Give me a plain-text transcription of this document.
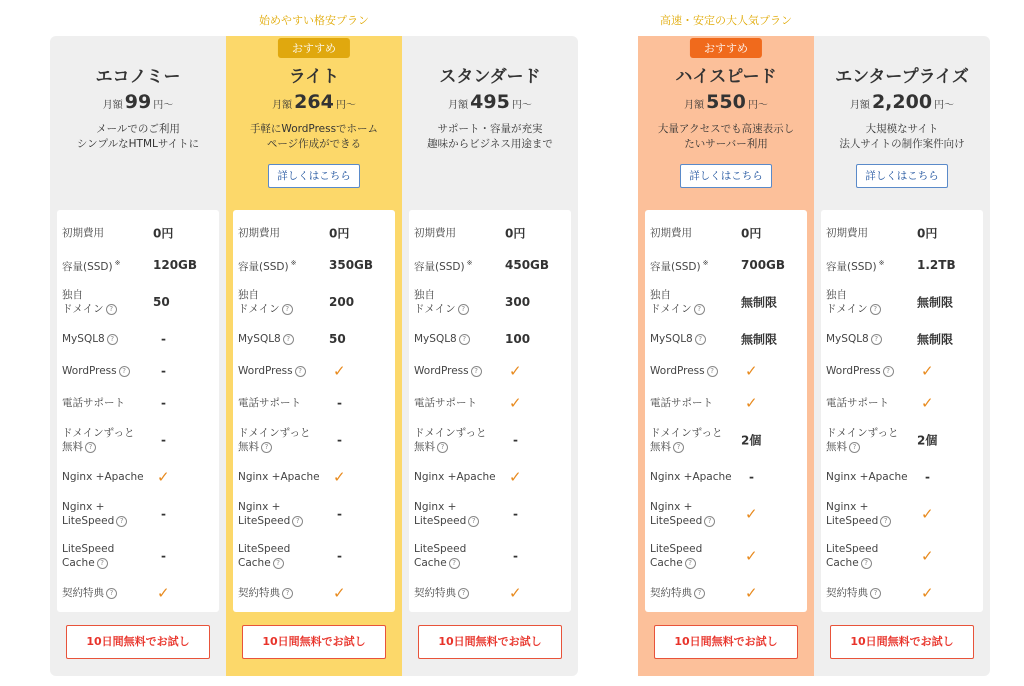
始めやすい格安プラン	高速・安定の大人気プラン
エコノミー
月額 99 円〜
メールでのご利用
シンプルなHTMLサイトに
初期費用	0円
容量(SSD) ※	120GB
独自
ドメイン ?	50
MySQL8 ?	-
WordPress ?	-
電話サポート	-
ドメインずっと
無料 ?	-
Nginx +Apache ✓
Nginx +
LiteSpeed ?	-
LiteSpeed
Cache ?	-
契約特典 ?	✓
10日間無料でお試し
おすすめ
ライト
月額 264 円〜
手軽にWordPressでホーム
ページ作成ができる
詳しくはこちら
初期費用	0円
容量(SSD) ※	350GB
独自
ドメイン ?	200
MySQL8 ?	50
WordPress ?	✓
電話サポート	-
ドメインずっと
無料 ?	-
Nginx +Apache ✓
Nginx +
LiteSpeed ?	-
LiteSpeed
Cache ?	-
契約特典 ?	✓
10日間無料でお試し
スタンダード
月額 495 円〜
サポート・容量が充実
趣味からビジネス用途まで
初期費用	0円
容量(SSD) ※	450GB
独自
ドメイン ?	300
MySQL8 ?	100
WordPress ?	✓
電話サポート	✓
ドメインずっと
無料 ?	-
Nginx +Apache ✓
Nginx +
LiteSpeed ?	-
LiteSpeed
Cache ?	-
契約特典 ?	✓
10日間無料でお試し
おすすめ
ハイスピード
月額 550 円〜
大量アクセスでも高速表示し
たいサーバー利用
詳しくはこちら
初期費用	0円
容量(SSD) ※	700GB
独自
ドメイン ?	無制限
MySQL8 ?	無制限
WordPress ?	✓
電話サポート	✓
ドメインずっと
無料 ?	2個
Nginx +Apache	-
Nginx +
LiteSpeed ?	✓
LiteSpeed
Cache ?	✓
契約特典 ?	✓
10日間無料でお試し
エンタープライズ
月額 2,200 円〜
大規模なサイト
法人サイトの制作案件向け
詳しくはこちら
初期費用	0円
容量(SSD) ※	1.2TB
独自
ドメイン ?	無制限
MySQL8 ?	無制限
WordPress ?	✓
電話サポート	✓
ドメインずっと
無料 ?	2個
Nginx +Apache	-
Nginx +
LiteSpeed ?	✓
LiteSpeed
Cache ?	✓
契約特典 ?	✓
10日間無料でお試し
